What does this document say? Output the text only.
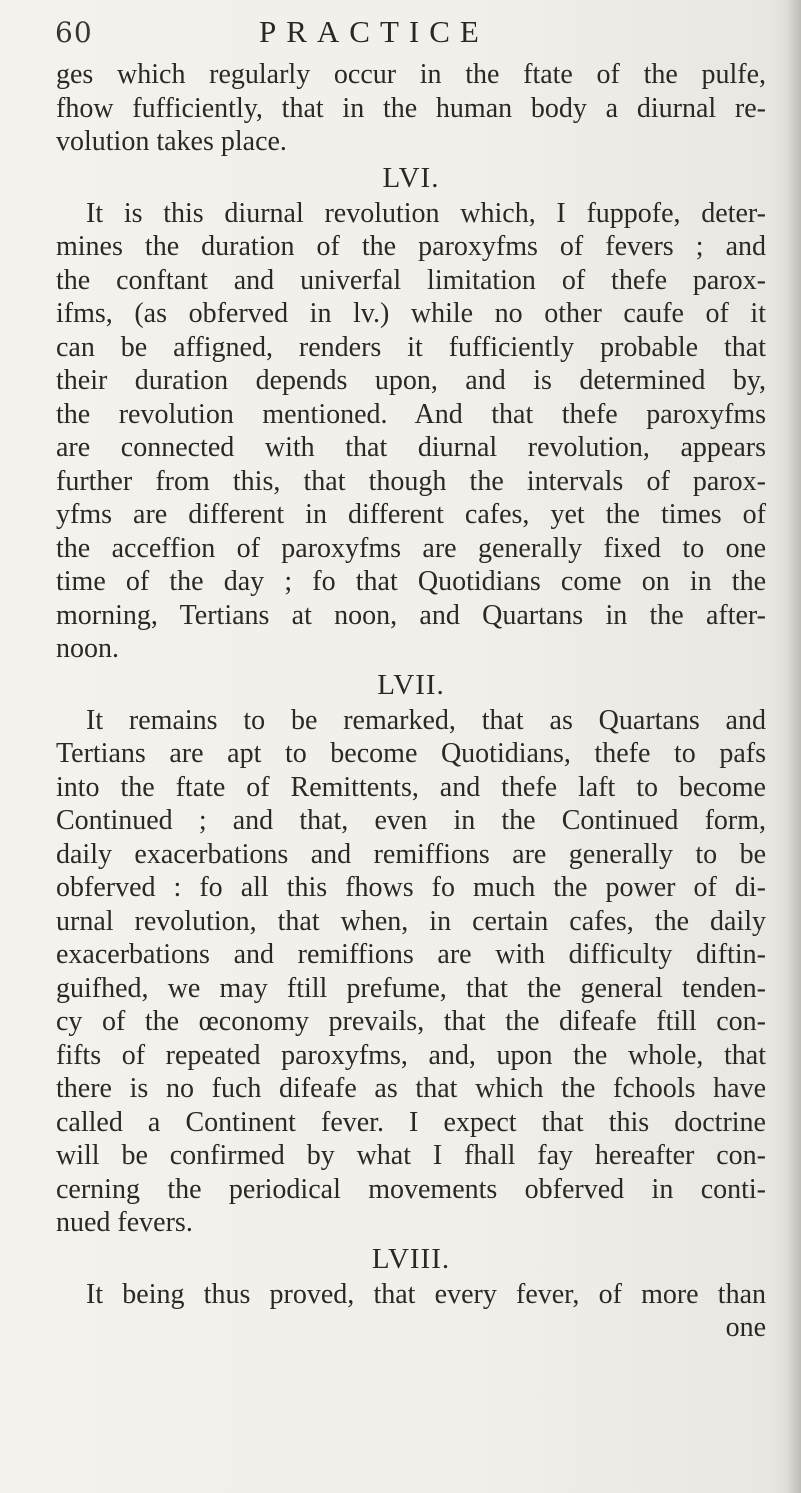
60	PRACTICE
ges which regularly occur in the ftate of the pulfe,
fhow fufficiently, that in the human body a diurnal re-
volution takes place.
LVI.
It is this diurnal revolution which, I fuppofe, deter-
mines the duration of the paroxyfms of fevers ; and
the conftant and univerfal limitation of thefe parox-
ifms, (as obferved in lv.) while no other caufe of it
can be affigned, renders it fufficiently probable that
their duration depends upon, and is determined by,
the revolution mentioned. And that thefe paroxyfms
are connected with that diurnal revolution, appears
further from this, that though the intervals of parox-
yfms are different in different cafes, yet the times of
the acceffion of paroxyfms are generally fixed to one
time of the day ; fo that Quotidians come on in the
morning, Tertians at noon, and Quartans in the after-
noon.
LVII.
It remains to be remarked, that as Quartans and
Tertians are apt to become Quotidians, thefe to pafs
into the ftate of Remittents, and thefe laft to become
Continued ; and that, even in the Continued form,
daily exacerbations and remiffions are generally to be
obferved : fo all this fhows fo much the power of di-
urnal revolution, that when, in certain cafes, the daily
exacerbations and remiffions are with difficulty diftin-
guifhed, we may ftill prefume, that the general tenden-
cy of the œconomy prevails, that the difeafe ftill con-
fifts of repeated paroxyfms, and, upon the whole, that
there is no fuch difeafe as that which the fchools have
called a Continent fever. I expect that this doctrine
will be confirmed by what I fhall fay hereafter con-
cerning the periodical movements obferved in conti-
nued fevers.
LVIII.
It being thus proved, that every fever, of more than
one
